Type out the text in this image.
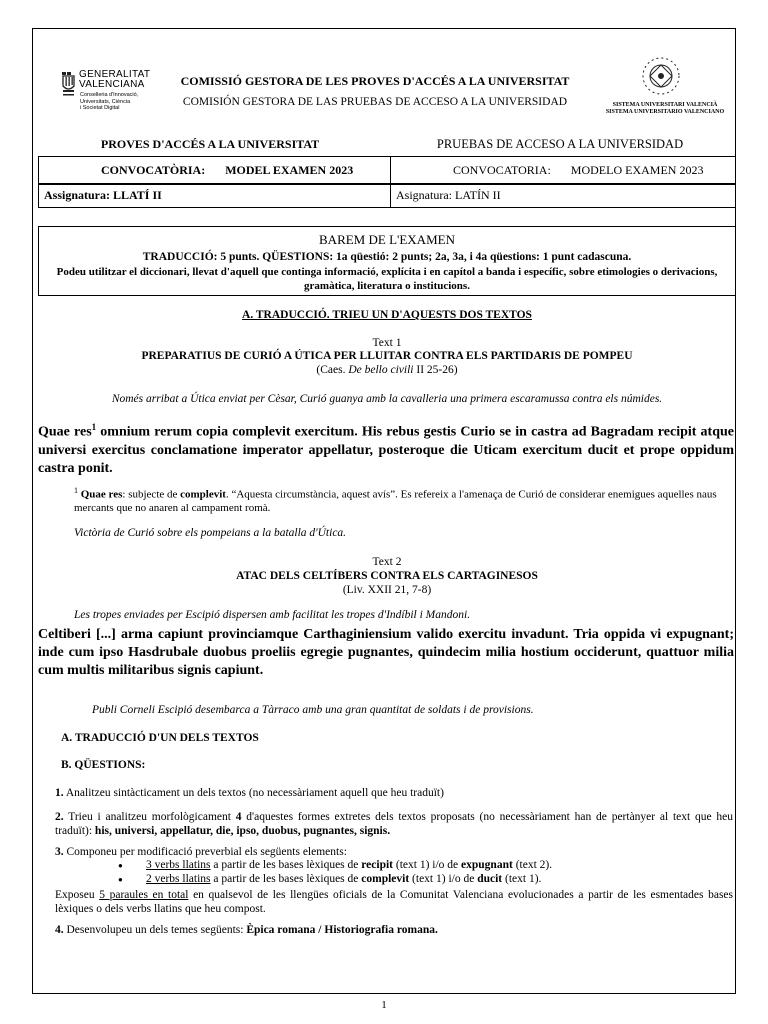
GENERALITAT
VALENCIANA
Conselleria d'Innovació,
Universitats, Ciència
i Societat Digital
COMISSIÓ GESTORA DE LES PROVES D'ACCÉS A LA UNIVERSITAT
COMISIÓN GESTORA DE LAS PRUEBAS DE ACCESO A LA UNIVERSIDAD	SISTEMA UNIVERSITARI VALENCIÀ
SISTEMA UNIVERSITARIO VALENCIANO
PROVES D'ACCÉS A LA UNIVERSITAT	PRUEBAS DE ACCESO A LA UNIVERSIDAD
CONVOCATÒRIA: MODEL EXAMEN 2023	CONVOCATORIA: MODELO EXAMEN 2023
Assignatura: LLATÍ II	Asignatura: LATÍN II
BAREM DE L'EXAMEN
TRADUCCIÓ: 5 punts. QÜESTIONS: 1a qüestió: 2 punts; 2a, 3a, i 4a qüestions: 1 punt cadascuna.
Podeu utilitzar el diccionari, llevat d'aquell que continga informació, explícita i en capítol a banda i específic, sobre etimologies o derivacions, gramàtica, literatura o institucions.
A. TRADUCCIÓ. TRIEU UN D'AQUESTS DOS TEXTOS
Text 1
PREPARATIUS DE CURIÓ A ÚTICA PER LLUITAR CONTRA ELS PARTIDARIS DE POMPEU
(Caes. De bello civili II 25-26)
Només arribat a Útica enviat per Cèsar, Curió guanya amb la cavalleria una primera escaramussa contra els númides.
Quae res$^1$ omnium rerum copia complevit exercitum. His rebus gestis Curio se in castra ad Bagradam recipit atque universi exercitus conclamatione imperator appellatur, posteroque die Uticam exercitum ducit et prope oppidum castra ponit.
$^1$ Quae res: subjecte de complevit. “Aquesta circumstància, aquest avís”. Es refereix a l'amenaça de Curió de considerar enemigues aquelles naus mercants que no anaren al campament romà.
Victòria de Curió sobre els pompeians a la batalla d'Útica.
Text 2
ATAC DELS CELTÍBERS CONTRA ELS CARTAGINESOS
(Liv. XXII 21, 7-8)
Les tropes enviades per Escipió dispersen amb facilitat les tropes d'Indíbil i Mandoni.
Celtiberi [...] arma capiunt provinciamque Carthaginiensium valido exercitu invadunt. Tria oppida vi expugnant; inde cum ipso Hasdrubale duobus proeliis egregie pugnantes, quindecim milia hostium occiderunt, quattuor milia cum multis militaribus signis capiunt.
Publi Corneli Escipió desembarca a Tàrraco amb una gran quantitat de soldats i de provisions.
A. TRADUCCIÓ D'UN DELS TEXTOS
B. QÜESTIONS:
1. Analitzeu sintàcticament un dels textos (no necessàriament aquell que heu traduït)
2. Trieu i analitzeu morfològicament 4 d'aquestes formes extretes dels textos proposats (no necessàriament han de pertànyer al text que heu traduït): his, universi, appellatur, die, ipso, duobus, pugnantes, signis.
3. Componeu per modificació preverbial els següents elements:
● 3 verbs llatins a partir de les bases lèxiques de recipit (text 1) i/o de expugnant (text 2).
● 2 verbs llatins a partir de les bases lèxiques de complevit (text 1) i/o de ducit (text 1).
Exposeu 5 paraules en total en qualsevol de les llengües oficials de la Comunitat Valenciana evolucionades a partir de les esmentades bases lèxiques o dels verbs llatins que heu compost.
4. Desenvolupeu un dels temes següents: Èpica romana / Historiografia romana.
1
